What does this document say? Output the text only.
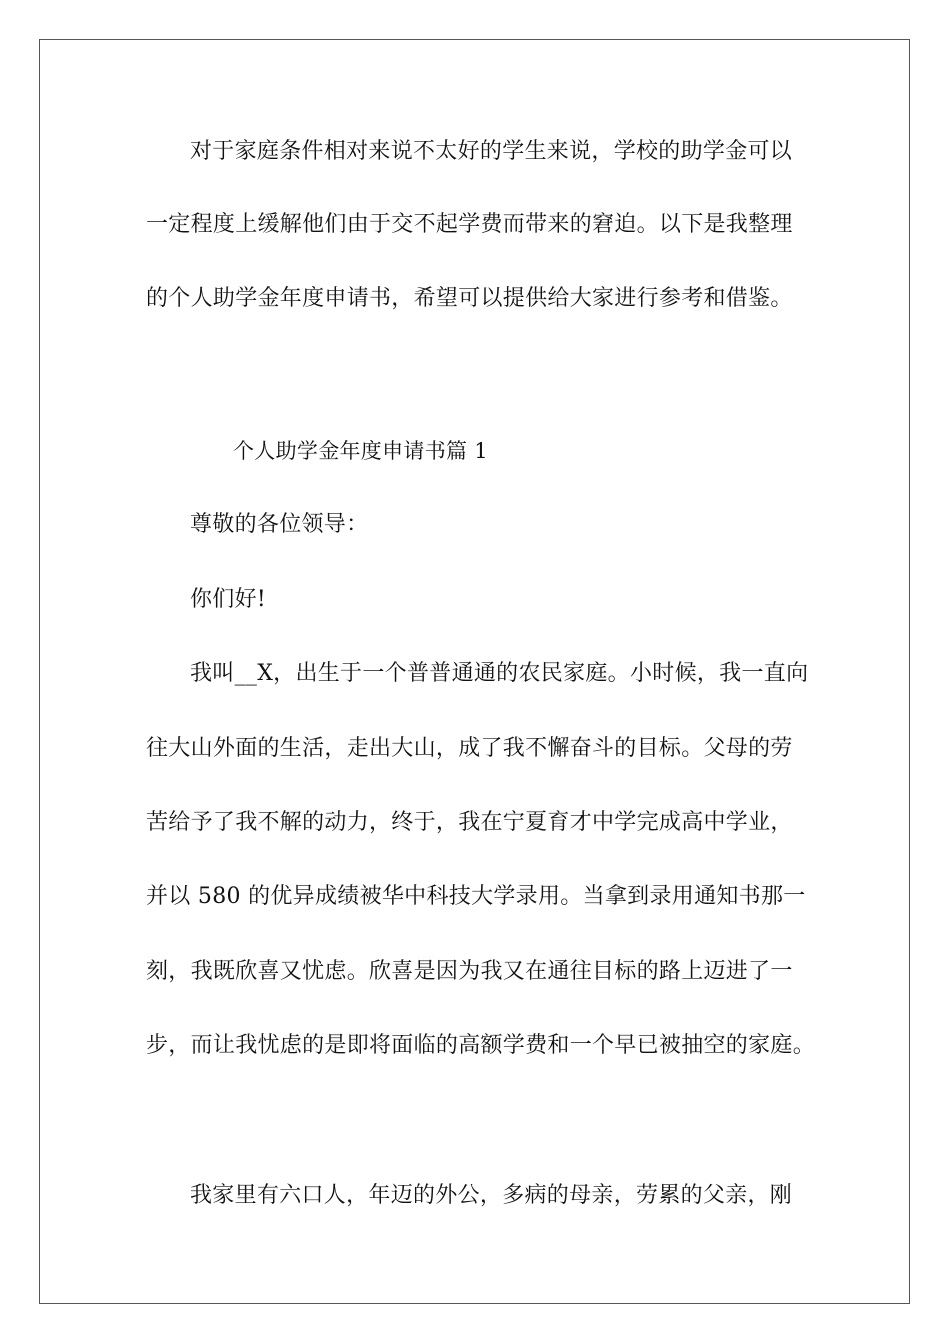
对于家庭条件相对来说不太好的学生来说，学校的助学金可以
一定程度上缓解他们由于交不起学费而带来的窘迫。以下是我整理
的个人助学金年度申请书，希望可以提供给大家进行参考和借鉴。
个人助学金年度申请书篇 1
尊敬的各位领导：
你们好!
我叫__X，出生于一个普普通通的农民家庭。小时候，我一直向
往大山外面的生活，走出大山，成了我不懈奋斗的目标。父母的劳
苦给予了我不解的动力，终于，我在宁夏育才中学完成高中学业，
并以 580 的优异成绩被华中科技大学录用。当拿到录用通知书那一
刻，我既欣喜又忧虑。欣喜是因为我又在通往目标的路上迈进了一
步，而让我忧虑的是即将面临的高额学费和一个早已被抽空的家庭。
我家里有六口人，年迈的外公，多病的母亲，劳累的父亲，刚
